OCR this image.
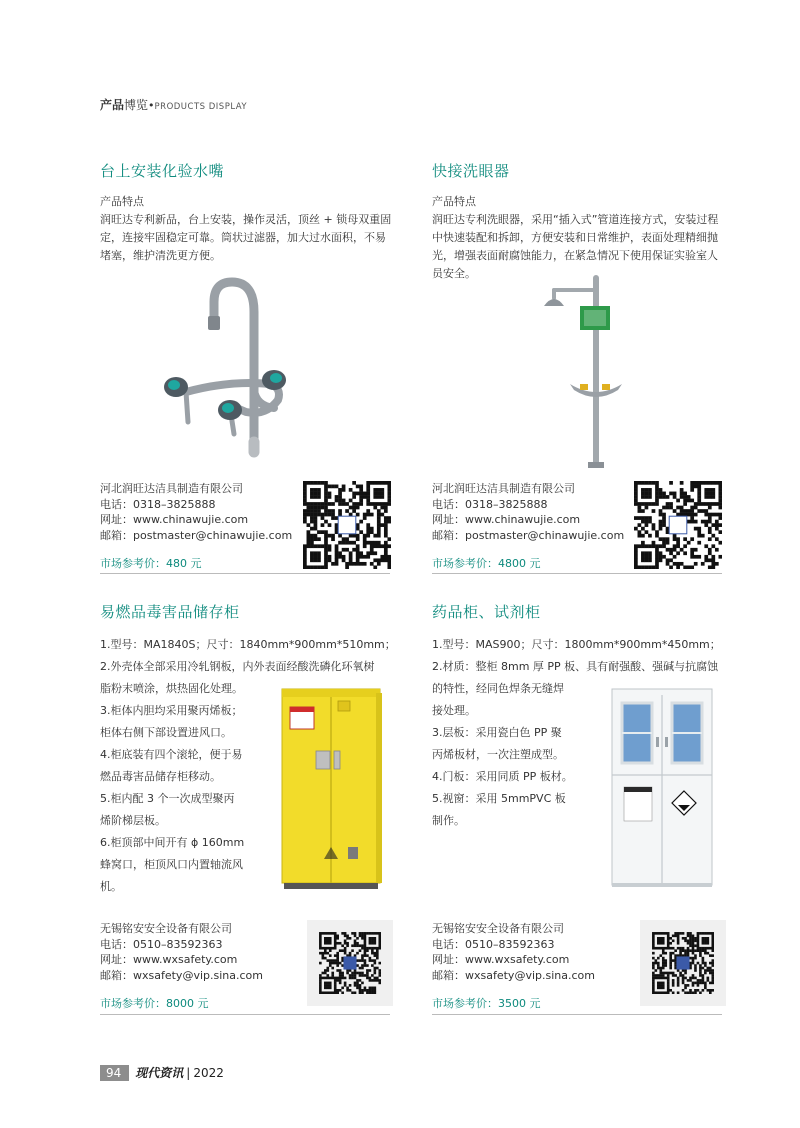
产品博览•PRODUCTS DISPLAY
台上安装化验水嘴
产品特点
润旺达专利新品，台上安装，操作灵活，顶丝 + 锁母双重固定，连接牢固稳定可靠。筒状过滤器，加大过水面积，不易堵塞，维护清洗更方便。
河北润旺达洁具制造有限公司
电话：0318–3825888
网址：www.chinawujie.com
邮箱：postmaster@chinawujie.com
市场参考价：480 元
快接洗眼器
产品特点
润旺达专利洗眼器，采用“插入式”管道连接方式，安装过程中快速装配和拆卸，方便安装和日常维护，表面处理精细抛光，增强表面耐腐蚀能力，在紧急情况下使用保证实验室人员安全。
河北润旺达洁具制造有限公司
电话：0318–3825888
网址：www.chinawujie.com
邮箱：postmaster@chinawujie.com
市场参考价：4800 元
易燃品毒害品储存柜
1.型号：MA1840S；尺寸：1840mm*900mm*510mm；
2.外壳体全部采用冷轧钢板，内外表面经酸洗磷化环氧树
脂粉末喷涂，烘热固化处理。
3.柜体内胆均采用聚丙烯板；
柜体右侧下部设置进风口。
4.柜底装有四个滚轮，便于易
燃品毒害品储存柜移动。
5.柜内配 3 个一次成型聚丙
烯阶梯层板。
6.柜顶部中间开有 ϕ 160mm
蜂窝口，柜顶风口内置轴流风
机。
无锡铭安安全设备有限公司
电话：0510–83592363
网址：www.wxsafety.com
邮箱：wxsafety@vip.sina.com
市场参考价：8000 元
药品柜、试剂柜
1.型号：MAS900；尺寸：1800mm*900mm*450mm；
2.材质：整柜 8mm 厚 PP 板、具有耐强酸、强碱与抗腐蚀
的特性，经同色焊条无缝焊
接处理。
3.层板：采用瓷白色 PP 聚
丙烯板材，一次注塑成型。
4.门板：采用同质 PP 板材。
5.视窗：采用 5mmPVC 板
制作。
无锡铭安安全设备有限公司
电话：0510–83592363
网址：www.wxsafety.com
邮箱：wxsafety@vip.sina.com
市场参考价：3500 元
94	现代资讯 | 2022
